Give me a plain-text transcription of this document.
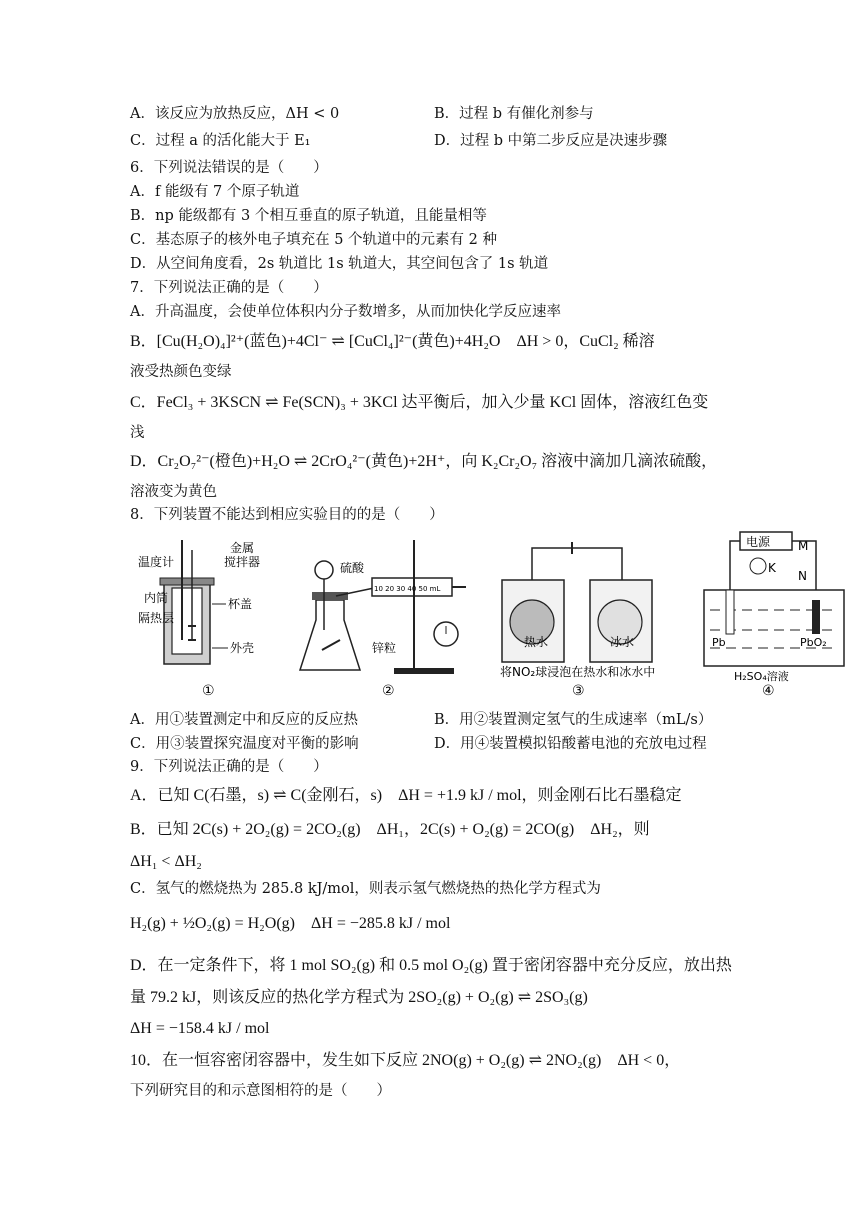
A．该反应为放热反应，ΔH < 0	B．过程 b 有催化剂参与
C．过程 a 的活化能大于 E₁	D．过程 b 中第二步反应是决速步骤
6．下列说法错误的是（　　）
A．f 能级有 7 个原子轨道
B．np 能级都有 3 个相互垂直的原子轨道，且能量相等
C．基态原子的核外电子填充在 5 个轨道中的元素有 2 种
D．从空间角度看，2s 轨道比 1s 轨道大，其空间包含了 1s 轨道
7．下列说法正确的是（　　）
A．升高温度，会使单位体积内分子数增多，从而加快化学反应速率
B．[Cu(H₂O)₄]²⁺(蓝色)+4Cl⁻ ⇌ [CuCl₄]²⁻(黄色)+4H₂O　ΔH > 0，CuCl₂ 稀溶
液受热颜色变绿
C．FeCl₃ + 3KSCN ⇌ Fe(SCN)₃ + 3KCl 达平衡后，加入少量 KCl 固体，溶液红色变
浅
D．Cr₂O₇²⁻(橙色)+H₂O ⇌ 2CrO₄²⁻(黄色)+2H⁺，向 K₂Cr₂O₇ 溶液中滴加几滴浓硫酸，
溶液变为黄色
8．下列装置不能达到相应实验目的的是（　　）
温度计
金属
搅拌器
内筒	杯盖
隔热层
外壳
①
硫酸
锌粒
10 20 30 40 50 mL
②
热水	冰水
将NO₂球浸泡在热水和冰水中
③
电源 M
N
K
Pb	PbO₂
H₂SO₄溶液
④
A．用①装置测定中和反应的反应热	B．用②装置测定氢气的生成速率（mL/s）
C．用③装置探究温度对平衡的影响	D．用④装置模拟铅酸蓄电池的充放电过程
9．下列说法正确的是（　　）
A．已知 C(石墨，s) ⇌ C(金刚石，s)　ΔH = +1.9 kJ / mol，则金刚石比石墨稳定
B．已知 2C(s) + 2O₂(g) = 2CO₂(g)　ΔH₁，2C(s) + O₂(g) = 2CO(g)　ΔH₂，则
ΔH₁ < ΔH₂
C．氢气的燃烧热为 285.8 kJ/mol，则表示氢气燃烧热的热化学方程式为
H₂(g) + ½O₂(g) = H₂O(g)　ΔH = −285.8 kJ / mol
D．在一定条件下，将 1 mol SO₂(g) 和 0.5 mol O₂(g) 置于密闭容器中充分反应，放出热
量 79.2 kJ，则该反应的热化学方程式为 2SO₂(g) + O₂(g) ⇌ 2SO₃(g)
ΔH = −158.4 kJ / mol
10．在一恒容密闭容器中，发生如下反应 2NO(g) + O₂(g) ⇌ 2NO₂(g)　ΔH < 0，
下列研究目的和示意图相符的是（　　）
